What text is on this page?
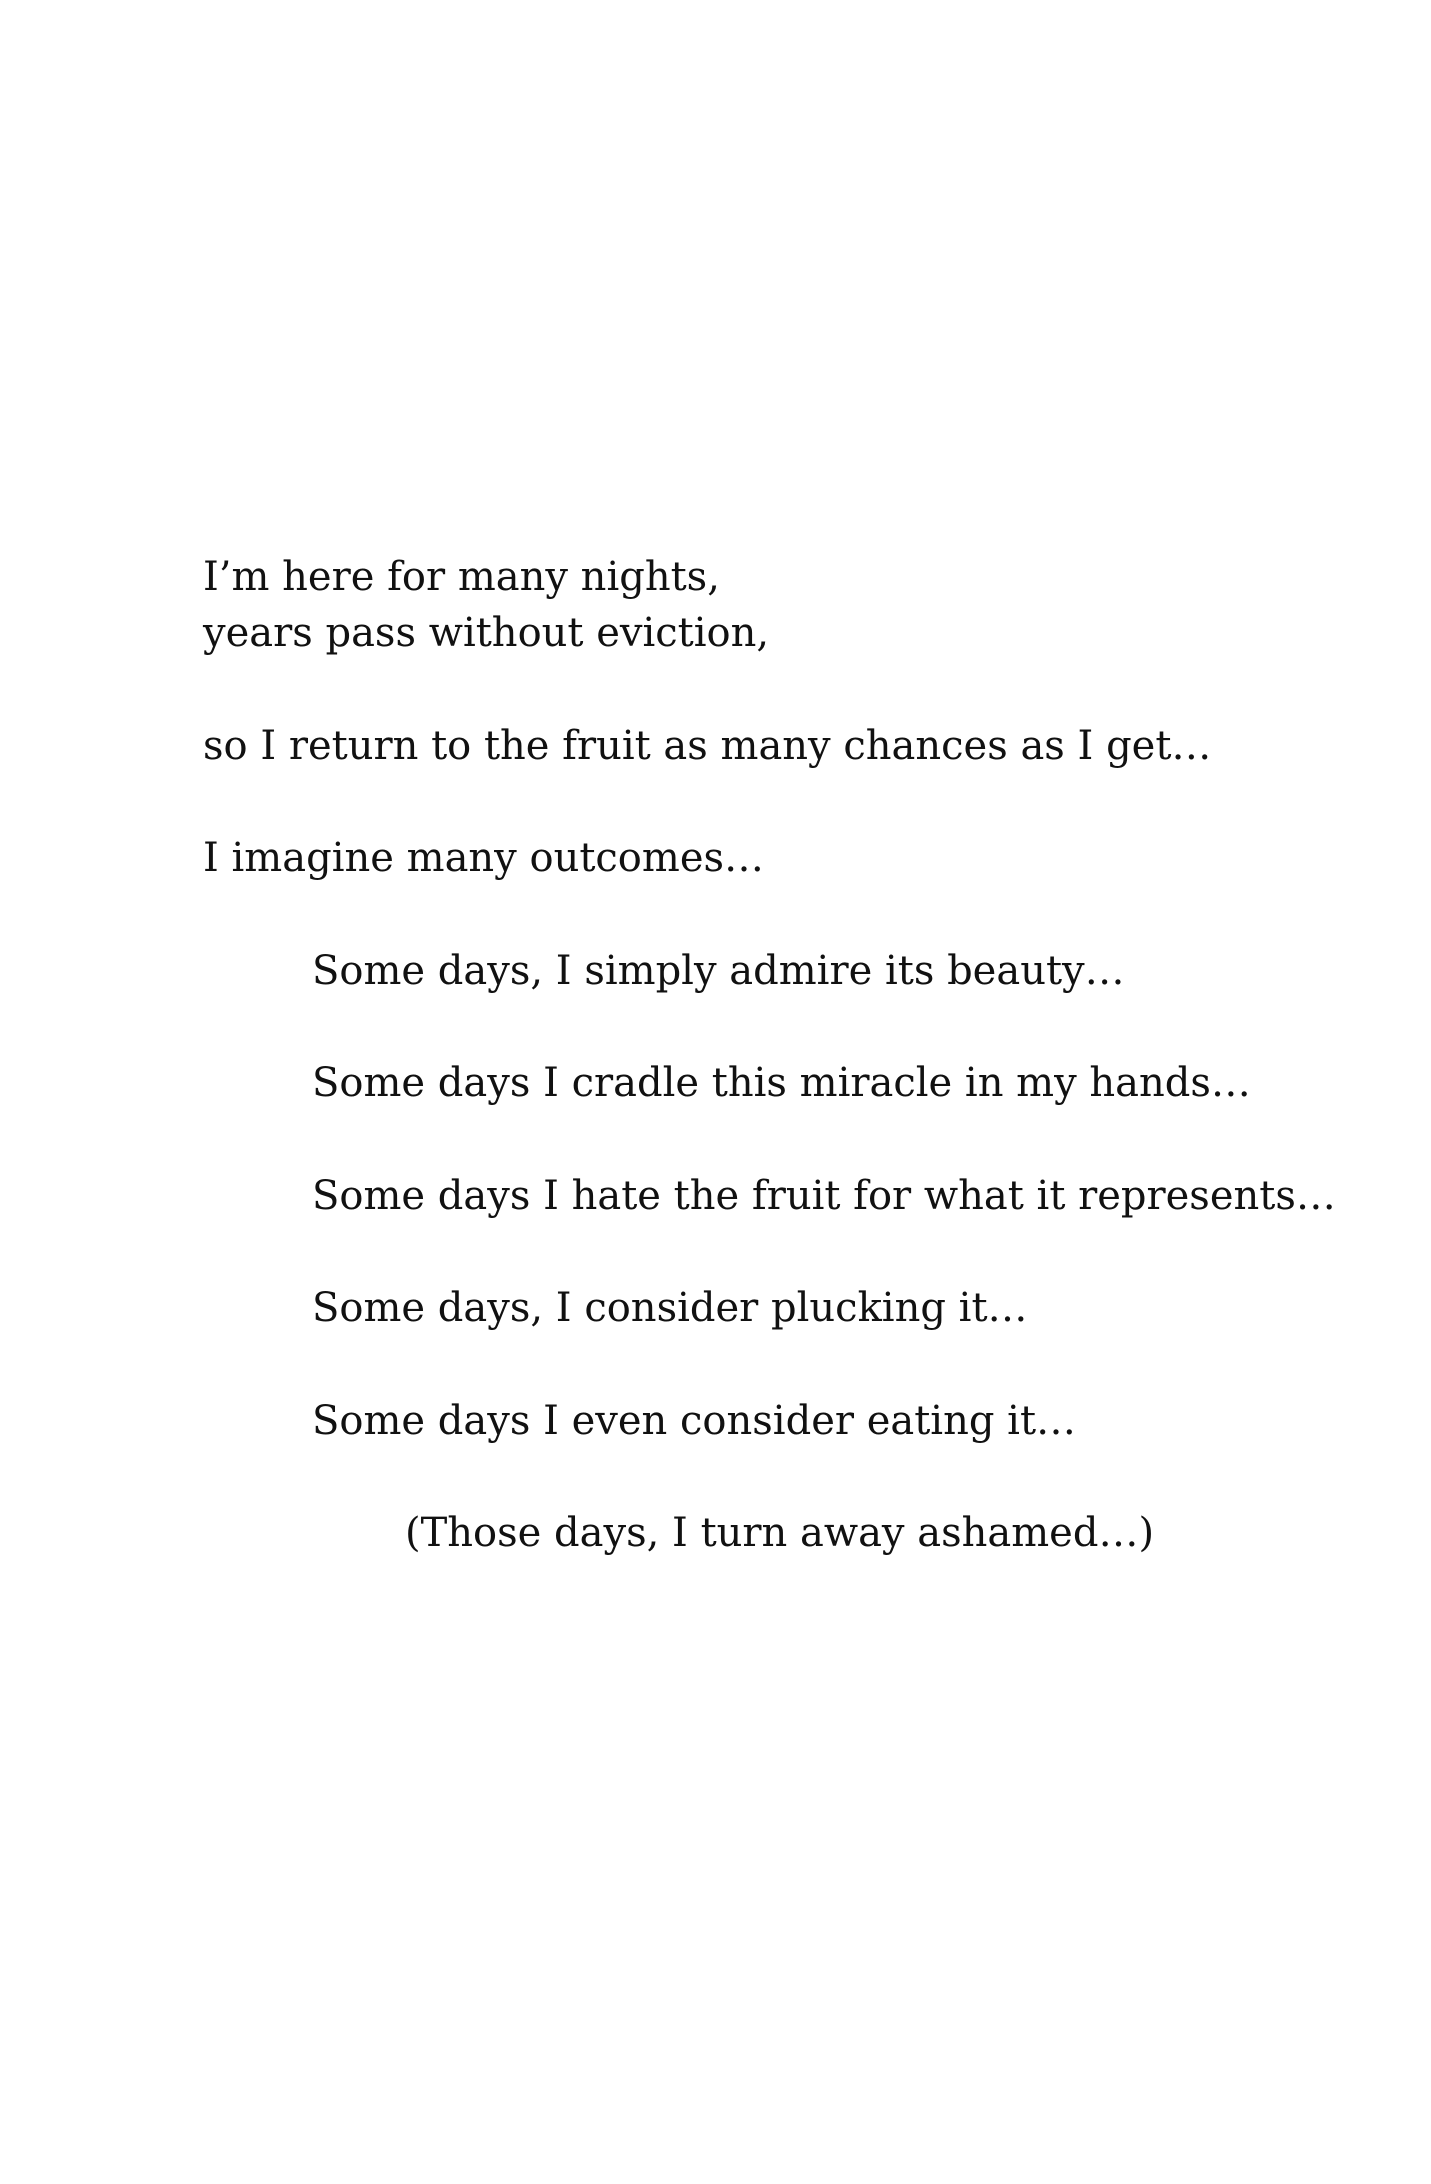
I’m here for many nights,
years pass without eviction,
so I return to the fruit as many chances as I get…
I imagine many outcomes…
Some days, I simply admire its beauty…
Some days I cradle this miracle in my hands…
Some days I hate the fruit for what it represents…
Some days, I consider plucking it…
Some days I even consider eating it…
(Those days, I turn away ashamed…)
